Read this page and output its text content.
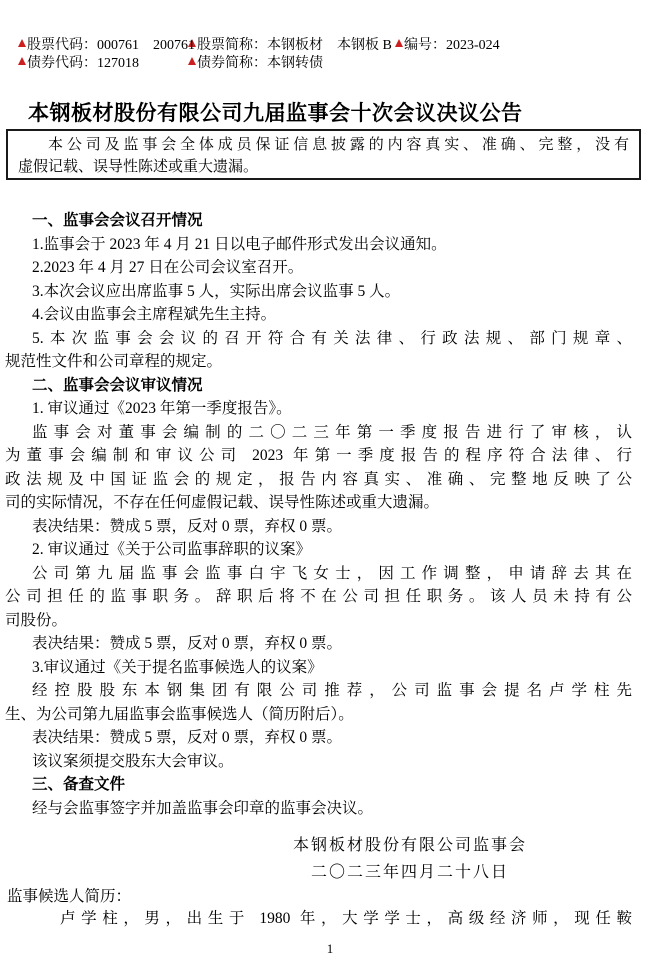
股票代码：000761　200761 股票简称：本钢板材　本钢板 B 编号：2023-024
债券代码：127018	债券简称：本钢转债
本钢板材股份有限公司九届监事会十次会议决议公告
本公司及监事会全体成员保证信息披露的内容真实、准确、完整，没有
虚假记载、误导性陈述或重大遗漏。
一、监事会会议召开情况
1.监事会于 2023 年 4 月 21 日以电子邮件形式发出会议通知。
2.2023 年 4 月 27 日在公司会议室召开。
3.本次会议应出席监事 5 人，实际出席会议监事 5 人。
4.会议由监事会主席程斌先生主持。
5.本次监事会会议的召开符合有关法律、行政法规、部门规章、
规范性文件和公司章程的规定。
二、监事会会议审议情况
1. 审议通过《2023 年第一季度报告》。
监事会对董事会编制的二〇二三年第一季度报告进行了审核，认
为董事会编制和审议公司 2023 年第一季度报告的程序符合法律、行
政法规及中国证监会的规定，报告内容真实、准确、完整地反映了公
司的实际情况，不存在任何虚假记载、误导性陈述或重大遗漏。
表决结果：赞成 5 票，反对 0 票，弃权 0 票。
2. 审议通过《关于公司监事辞职的议案》
公司第九届监事会监事白宇飞女士，因工作调整，申请辞去其在
公司担任的监事职务。辞职后将不在公司担任职务。该人员未持有公
司股份。
表决结果：赞成 5 票，反对 0 票，弃权 0 票。
3.审议通过《关于提名监事候选人的议案》
经控股股东本钢集团有限公司推荐，公司监事会提名卢学柱先
生、为公司第九届监事会监事候选人（简历附后）。
表决结果：赞成 5 票，反对 0 票，弃权 0 票。
该议案须提交股东大会审议。
三、备查文件
经与会监事签字并加盖监事会印章的监事会决议。
本钢板材股份有限公司监事会
二〇二三年四月二十八日
监事候选人简历：
卢学柱，男，出生于 1980 年，大学学士，高级经济师，现任鞍
1
